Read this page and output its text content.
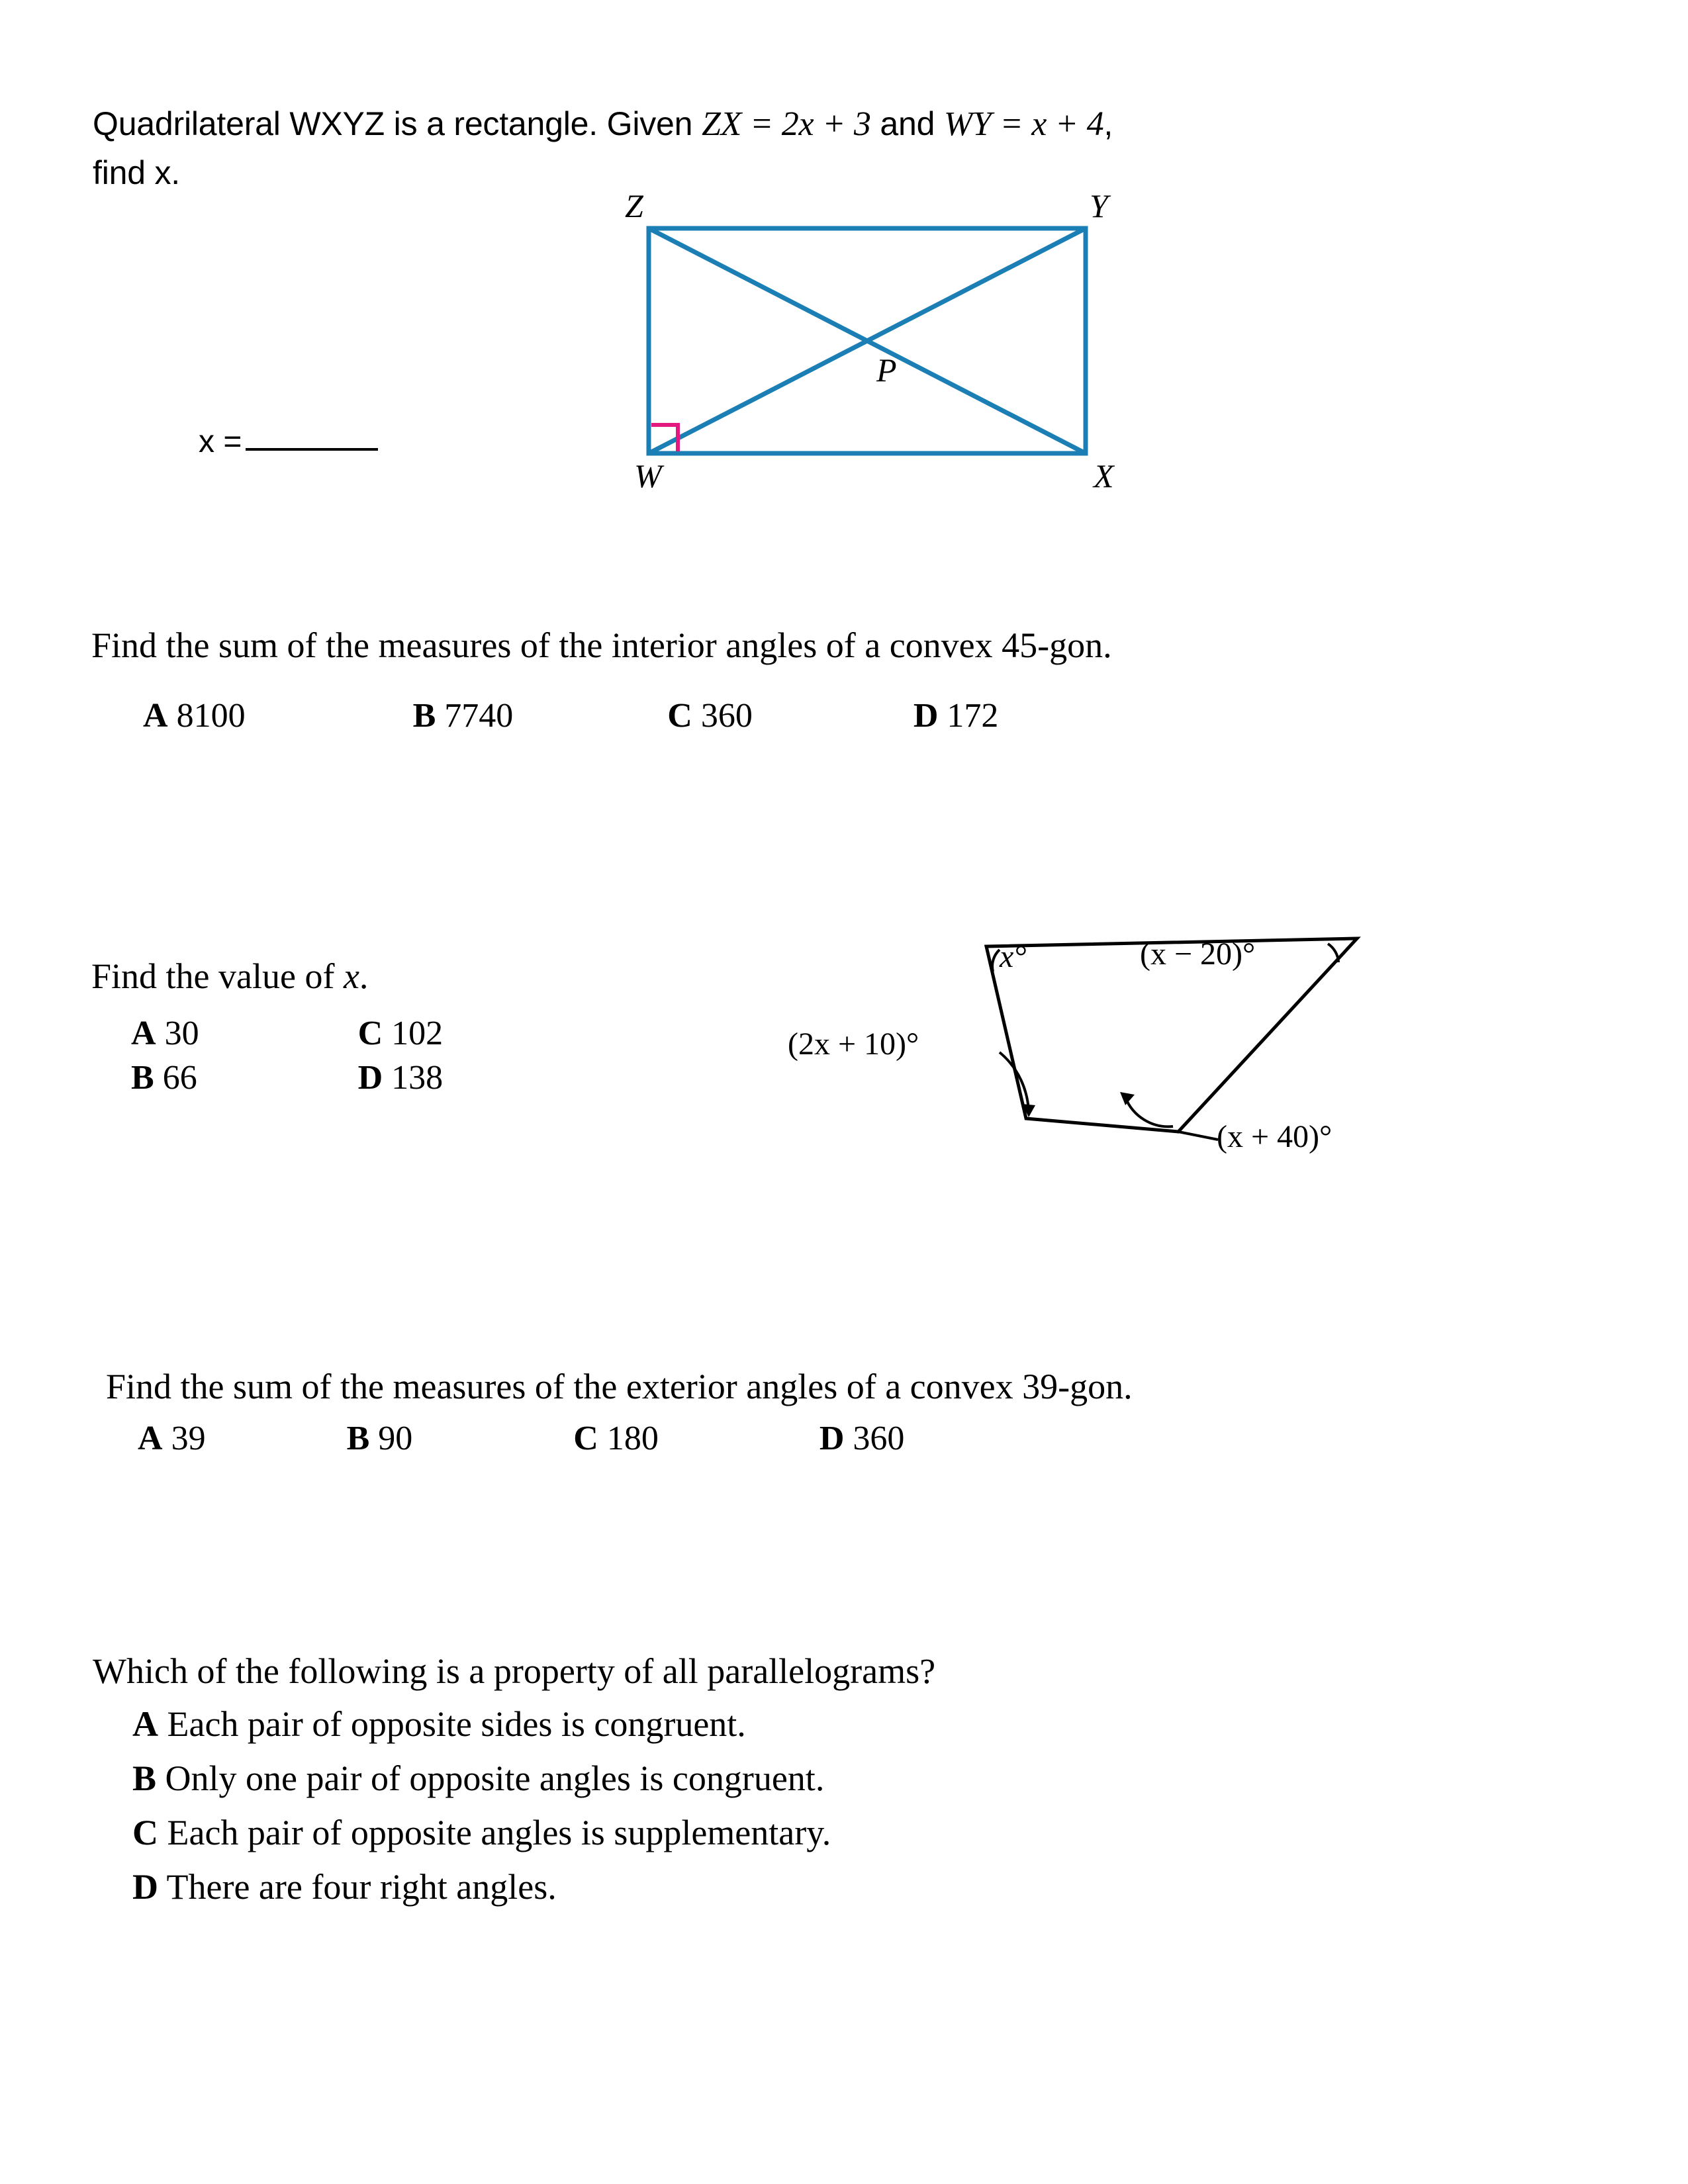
Quadrilateral WXYZ is a rectangle. Given ZX = 2x + 3 and WY = x + 4,
find x.
x =
Z	Y
W	X
P
Find the sum of the measures of the interior angles of a convex 45-gon.
A 8100	B 7740	C 360	D 172
Find the value of x.
A 30	C 102
B 66	D 138
x°	(x − 20)°
(2x + 10)°
(x + 40)°
Find the sum of the measures of the exterior angles of a convex 39-gon.
A 39	B 90	C 180	D 360
Which of the following is a property of all parallelograms?
A Each pair of opposite sides is congruent.
B Only one pair of opposite angles is congruent.
C Each pair of opposite angles is supplementary.
D There are four right angles.
